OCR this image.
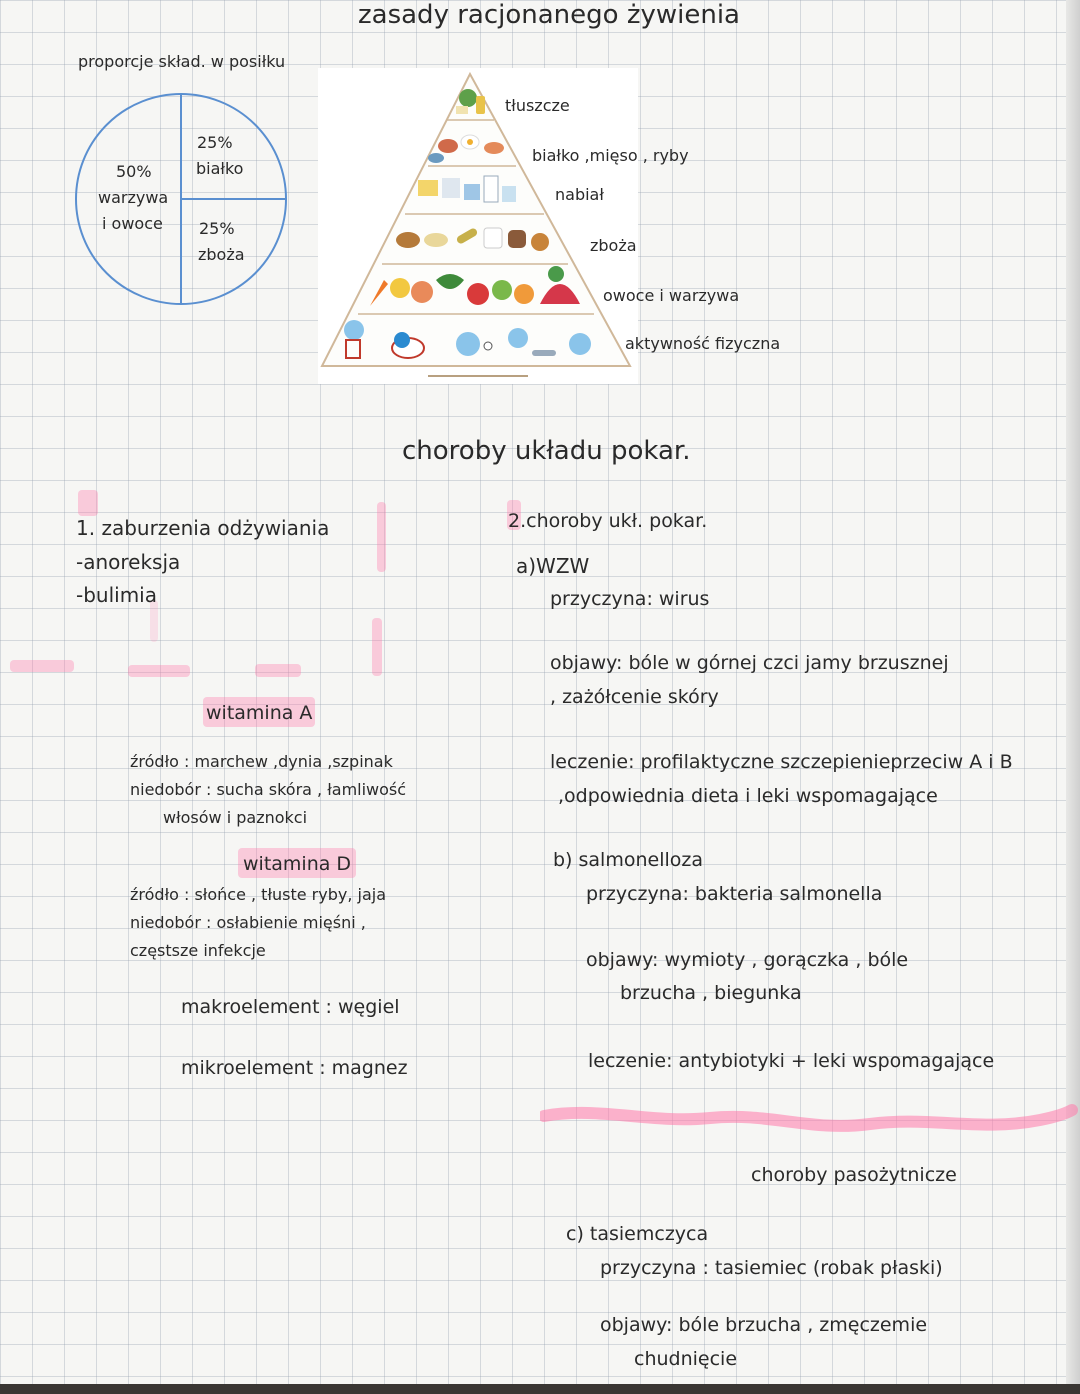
zasady racjonanego żywienia
proporcje skład. w posiłku
50%
warzywa
i owoce
25%
białko
25%
zboża
tłuszcze
białko ,mięso , ryby
nabiał
zboża
owoce i warzywa
aktywność fizyczna
choroby układu pokar.
1. zaburzenia odżywiania
-anoreksja
-bulimia
witamina A
źródło : marchew ,dynia ,szpinak
niedobór : sucha skóra , łamliwość
włosów i paznokci
witamina D
źródło : słońce , tłuste ryby, jaja
niedobór : osłabienie mięśni ,
częstsze infekcje
makroelement : węgiel
mikroelement : magnez
2.choroby ukł. pokar.
a)WZW
przyczyna: wirus
objawy: bóle w górnej czci jamy brzusznej
, zażółcenie skóry
leczenie: profilaktyczne szczepienieprzeciw A i B
,odpowiednia dieta i leki wspomagające
b) salmonelloza
przyczyna: bakteria salmonella
objawy: wymioty , gorączka , bóle
brzucha , biegunka
leczenie: antybiotyki + leki wspomagające
choroby pasożytnicze
c) tasiemczyca
przyczyna : tasiemiec (robak płaski)
objawy: bóle brzucha , zmęczemie
chudnięcie
